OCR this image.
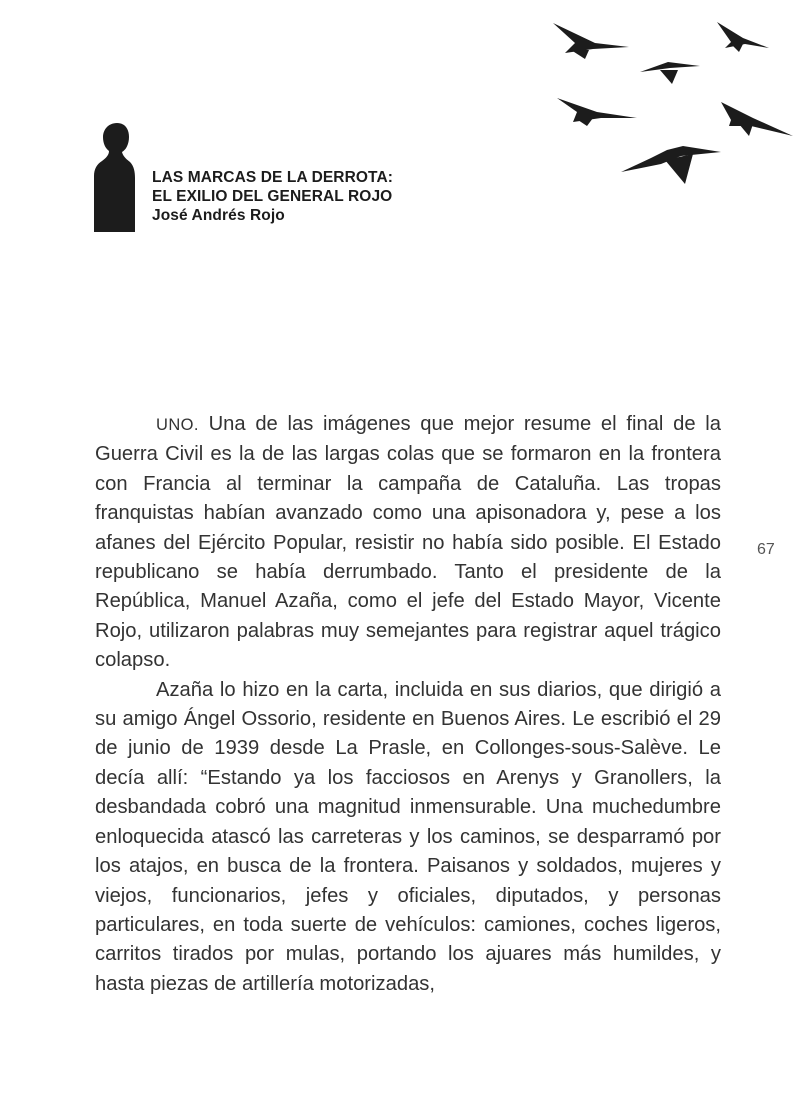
LAS MARCAS DE LA DERROTA:
EL EXILIO DEL GENERAL ROJO
José Andrés Rojo

UNO. Una de las imágenes que mejor resume el final de la Guerra Civil es la de las largas colas que se formaron en la frontera con Francia al terminar la campaña de Cataluña. Las tropas franquistas habían avanzado como una apisonadora y, pese a los afanes del Ejército Popular, resistir no había sido posible. El Estado republicano se había derrumbado. Tanto el presidente de la República, Manuel Azaña, como el jefe del Estado Mayor, Vicente Rojo, utilizaron palabras muy semejantes para registrar aquel trágico colapso.

Azaña lo hizo en la carta, incluida en sus diarios, que dirigió a su amigo Ángel Ossorio, residente en Buenos Aires. Le escribió el 29 de junio de 1939 desde La Prasle, en Collonges-sous-Salève. Le decía allí: “Estando ya los facciosos en Arenys y Granollers, la desbandada cobró una magnitud inmensurable. Una muchedumbre enloquecida atascó las carreteras y los caminos, se desparramó por los atajos, en busca de la frontera. Paisanos y soldados, mujeres y viejos, funcionarios, jefes y oficiales, diputados, y personas particulares, en toda suerte de vehículos: camiones, coches ligeros, carritos tirados por mulas, portando los ajuares más humildes, y hasta piezas de artillería motorizadas,

67
